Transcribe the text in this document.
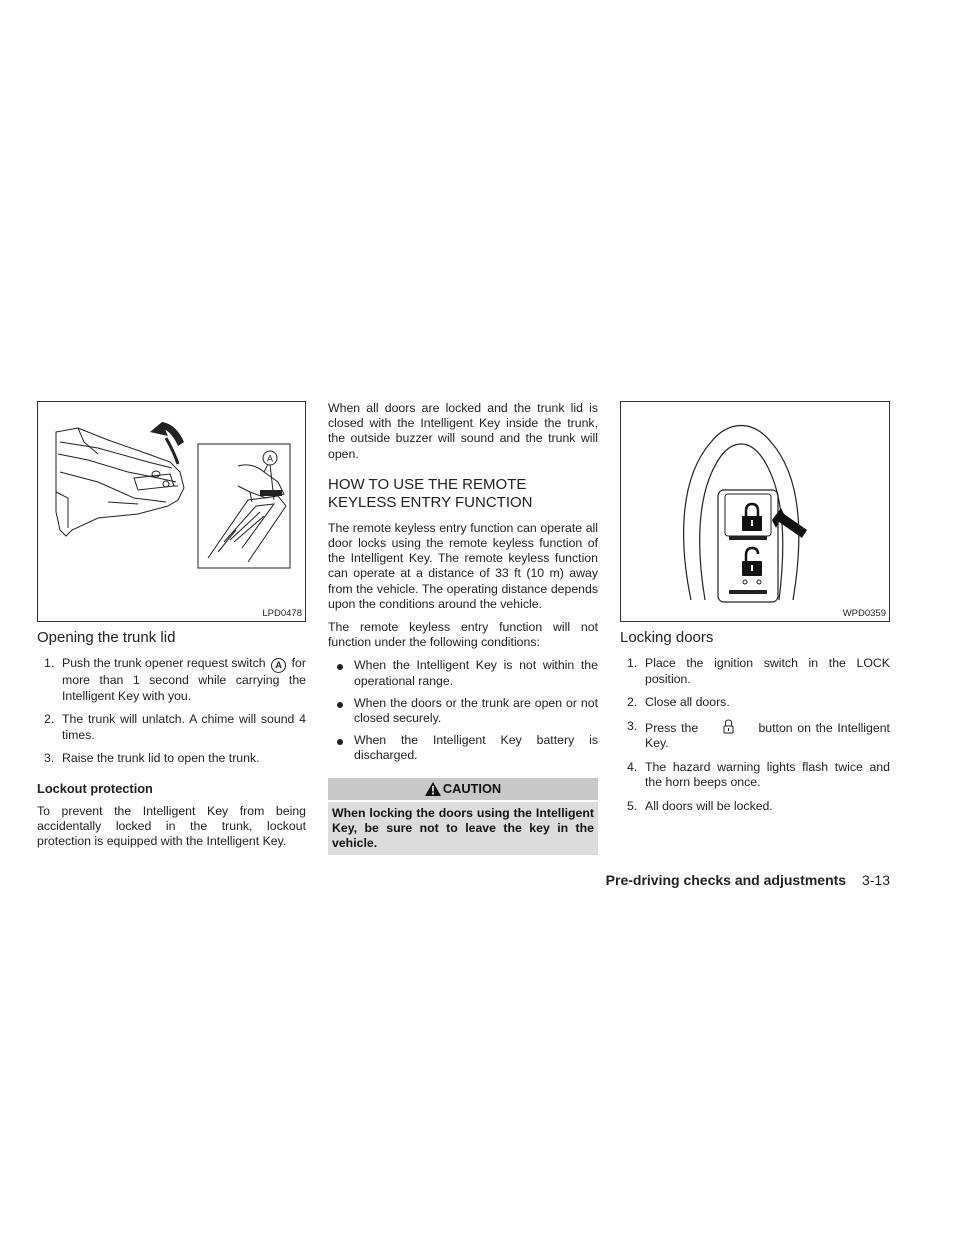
A
LPD0478
Opening the trunk lid
1. Push the trunk opener request switch A for more than 1 second while carrying the Intelligent Key with you.
2. The trunk will unlatch. A chime will sound 4 times.
3. Raise the trunk lid to open the trunk.
Lockout protection

To prevent the Intelligent Key from being accidentally locked in the trunk, lockout protection is equipped with the Intelligent Key.

When all doors are locked and the trunk lid is closed with the Intelligent Key inside the trunk, the outside buzzer will sound and the trunk will open.

HOW TO USE THE REMOTE
KEYLESS ENTRY FUNCTION

The remote keyless entry function can operate all door locks using the remote keyless function of the Intelligent Key. The remote keyless function can operate at a distance of 33 ft (10 m) away from the vehicle. The operating distance depends upon the conditions around the vehicle.

The remote keyless entry function will not function under the following conditions:

When the Intelligent Key is not within the operational range.
When the doors or the trunk are open or not closed securely.
When the Intelligent Key battery is discharged.
CAUTION
When locking the doors using the Intelligent Key, be sure not to leave the key in the vehicle.
WPD0359
Locking doors
1. Place the ignition switch in the LOCK position.
2. Close all doors.
3. Press the	button on the Intelligent Key.
4. The hazard warning lights flash twice and the horn beeps once.
5. All doors will be locked.
Pre-driving checks and adjustments 3-13
